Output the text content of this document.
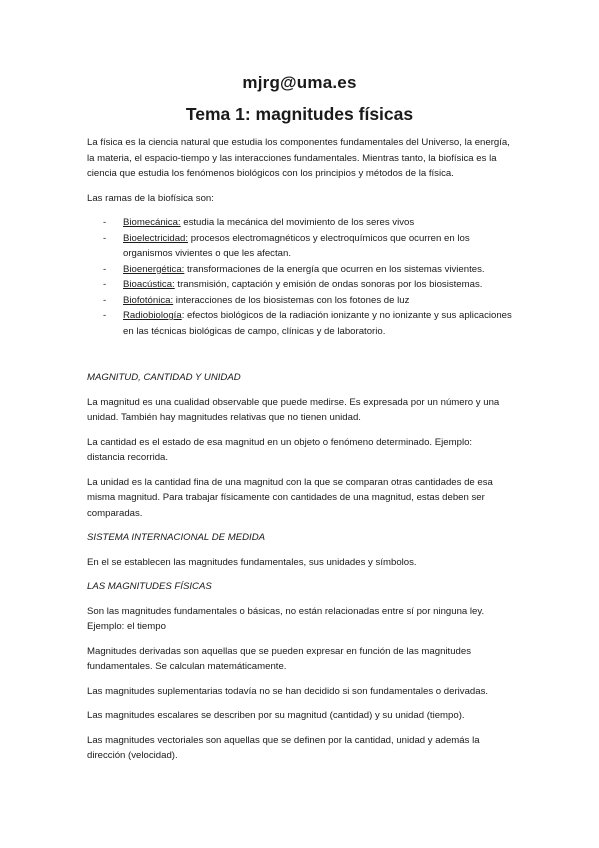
mjrg@uma.es
Tema 1: magnitudes físicas

La física es la ciencia natural que estudia los componentes fundamentales del Universo, la energía, la materia, el espacio-tiempo y las interacciones fundamentales. Mientras tanto, la biofísica es la ciencia que estudia los fenómenos biológicos con los principios y métodos de la física.

Las ramas de la biofísica son:

- Biomecánica: estudia la mecánica del movimiento de los seres vivos
- Bioelectricidad: procesos electromagnéticos y electroquímicos que ocurren en los organismos vivientes o que les afectan.
- Bioenergética: transformaciones de la energía que ocurren en los sistemas vivientes.
- Bioacústica: transmisión, captación y emisión de ondas sonoras por los biosistemas.
- Biofotónica: interacciones de los biosistemas con los fotones de luz
- Radiobiología: efectos biológicos de la radiación ionizante y no ionizante y sus aplicaciones en las técnicas biológicas de campo, clínicas y de laboratorio.

MAGNITUD, CANTIDAD Y UNIDAD

La magnitud es una cualidad observable que puede medirse. Es expresada por un número y una unidad. También hay magnitudes relativas que no tienen unidad.

La cantidad es el estado de esa magnitud en un objeto o fenómeno determinado. Ejemplo: distancia recorrida.

La unidad es la cantidad fina de una magnitud con la que se comparan otras cantidades de esa misma magnitud. Para trabajar físicamente con cantidades de una magnitud, estas deben ser comparadas.

SISTEMA INTERNACIONAL DE MEDIDA

En el se establecen las magnitudes fundamentales, sus unidades y símbolos.

LAS MAGNITUDES FÍSICAS

Son las magnitudes fundamentales o básicas, no están relacionadas entre sí por ninguna ley. Ejemplo: el tiempo

Magnitudes derivadas son aquellas que se pueden expresar en función de las magnitudes fundamentales. Se calculan matemáticamente.

Las magnitudes suplementarias todavía no se han decidido si son fundamentales o derivadas.

Las magnitudes escalares se describen por su magnitud (cantidad) y su unidad (tiempo).

Las magnitudes vectoriales son aquellas que se definen por la cantidad, unidad y además la dirección (velocidad).
